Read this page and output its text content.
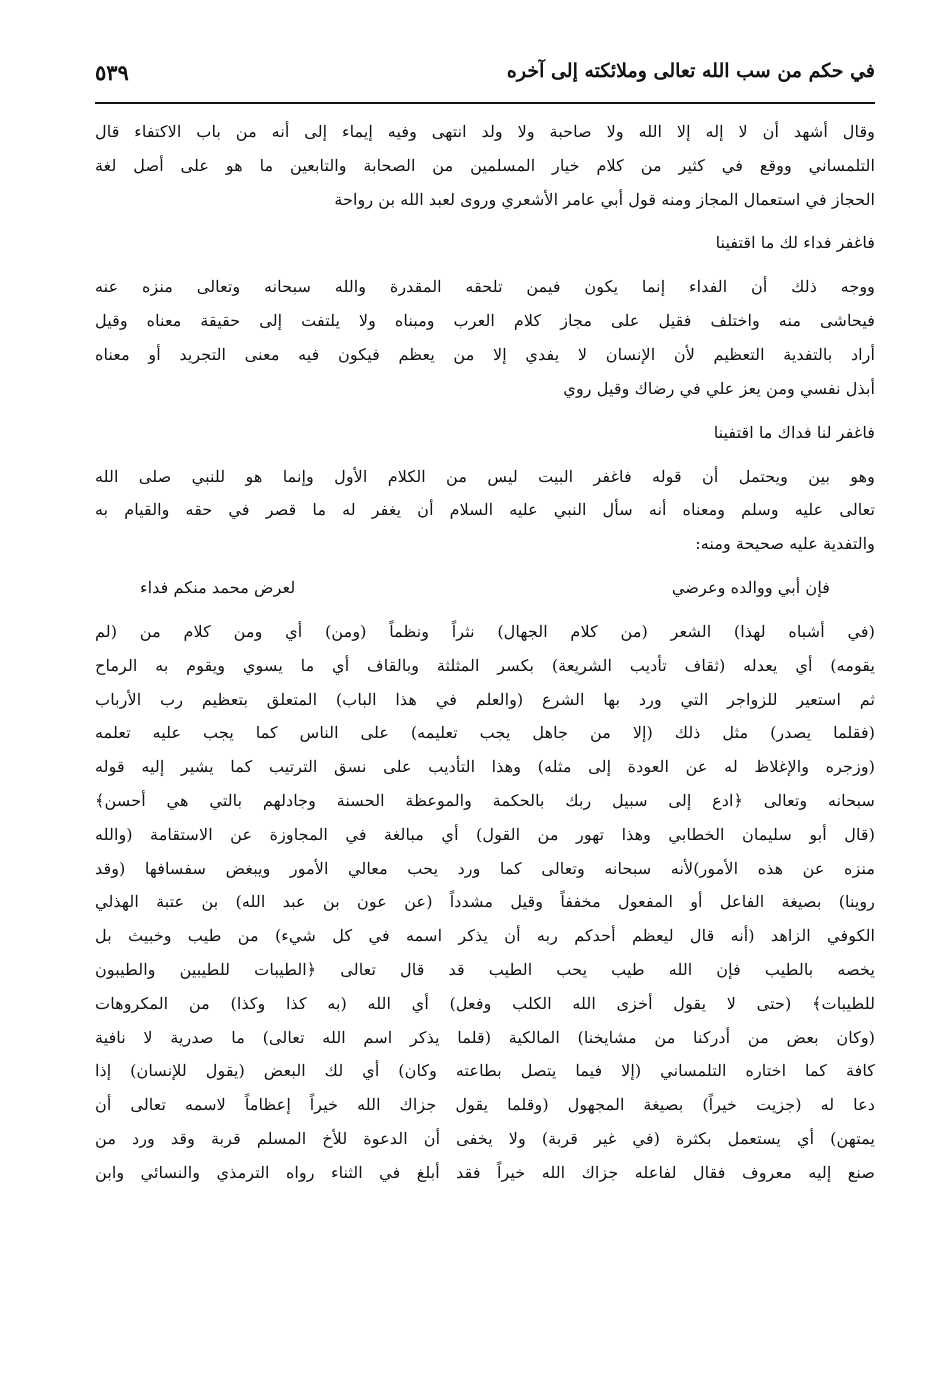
في حكم من سب الله تعالى وملائكته إلى آخره
٥٣٩
وقال أشهد أن لا إله إلا الله ولا صاحبة ولا ولد انتهى وفيه إيماء إلى أنه من باب الاكتفاء قال
التلمساني ووقع في كثير من كلام خيار المسلمين من الصحابة والتابعين ما هو على أصل لغة
الحجاز في استعمال المجاز ومنه قول أبي عامر الأشعري وروى لعبد الله بن رواحة
فاغفر فداء لك ما اقتفينا
ووجه ذلك أن الفداء إنما يكون فيمن تلحقه المقدرة والله سبحانه وتعالى منزه عنه
فيحاشى منه واختلف فقيل على مجاز كلام العرب ومبناه ولا يلتفت إلى حقيقة معناه وقيل
أراد بالتفدية التعظيم لأن الإنسان لا يفدي إلا من يعظم فيكون فيه معنى التجريد أو معناه
أبذل نفسي ومن يعز علي في رضاك وقيل روي
فاغفر لنا فداك ما اقتفينا
وهو بين ويحتمل أن قوله فاغفر البيت ليس من الكلام الأول وإنما هو للنبي صلى الله
تعالى عليه وسلم ومعناه أنه سأل النبي عليه السلام أن يغفر له ما قصر في حقه والقيام به
والتفدية عليه صحيحة ومنه:
فإن أبي ووالده وعرضي
لعرض محمد منكم فداء
(في أشباه لهذا) الشعر (من كلام الجهال) نثراً ونظماً (ومن) أي ومن كلام من (لم
يقومه) أي يعدله (ثقاف تأديب الشريعة) بكسر المثلثة وبالقاف أي ما يسوي ويقوم به الرماح
ثم استعير للزواجر التي ورد بها الشرع (والعلم في هذا الباب) المتعلق بتعظيم رب الأرباب
(فقلما يصدر) مثل ذلك (إلا من جاهل يجب تعليمه) على الناس كما يجب عليه تعلمه
(وزجره والإغلاظ له عن العودة إلى مثله) وهذا التأديب على نسق الترتيب كما يشير إليه قوله
سبحانه وتعالى ﴿ادع إلى سبيل ربك بالحكمة والموعظة الحسنة وجادلهم بالتي هي أحسن﴾
(قال أبو سليمان الخطابي وهذا تهور من القول) أي مبالغة في المجاوزة عن الاستقامة (والله
منزه عن هذه الأمور)لأنه سبحانه وتعالى كما ورد يحب معالي الأمور ويبغض سفسافها (وقد
روينا) بصيغة الفاعل أو المفعول مخففاً وقيل مشدداً (عن عون بن عبد الله) بن عتبة الهذلي
الكوفي الزاهد (أنه قال ليعظم أحدكم ربه أن يذكر اسمه في كل شيء) من طيب وخبيث بل
يخصه بالطيب فإن الله طيب يحب الطيب قد قال تعالى ﴿الطيبات للطيبين والطيبون
للطيبات﴾ (حتى لا يقول أخزى الله الكلب وفعل) أي الله (به كذا وكذا) من المكروهات
(وكان بعض من أدركنا من مشايخنا) المالكية (قلما يذكر اسم الله تعالى) ما صدرية لا نافية
كافة كما اختاره التلمساني (إلا فيما يتصل بطاعته وكان) أي لك البعض (يقول للإنسان) إذا
دعا له (جزيت خيراً) بصيغة المجهول (وقلما يقول جزاك الله خيراً إعظاماً لاسمه تعالى أن
يمتهن) أي يستعمل بكثرة (في غير قربة) ولا يخفى أن الدعوة للأخ المسلم قربة وقد ورد من
صنع إليه معروف فقال لفاعله جزاك الله خيراً فقد أبلغ في الثناء رواه الترمذي والنسائي وابن
